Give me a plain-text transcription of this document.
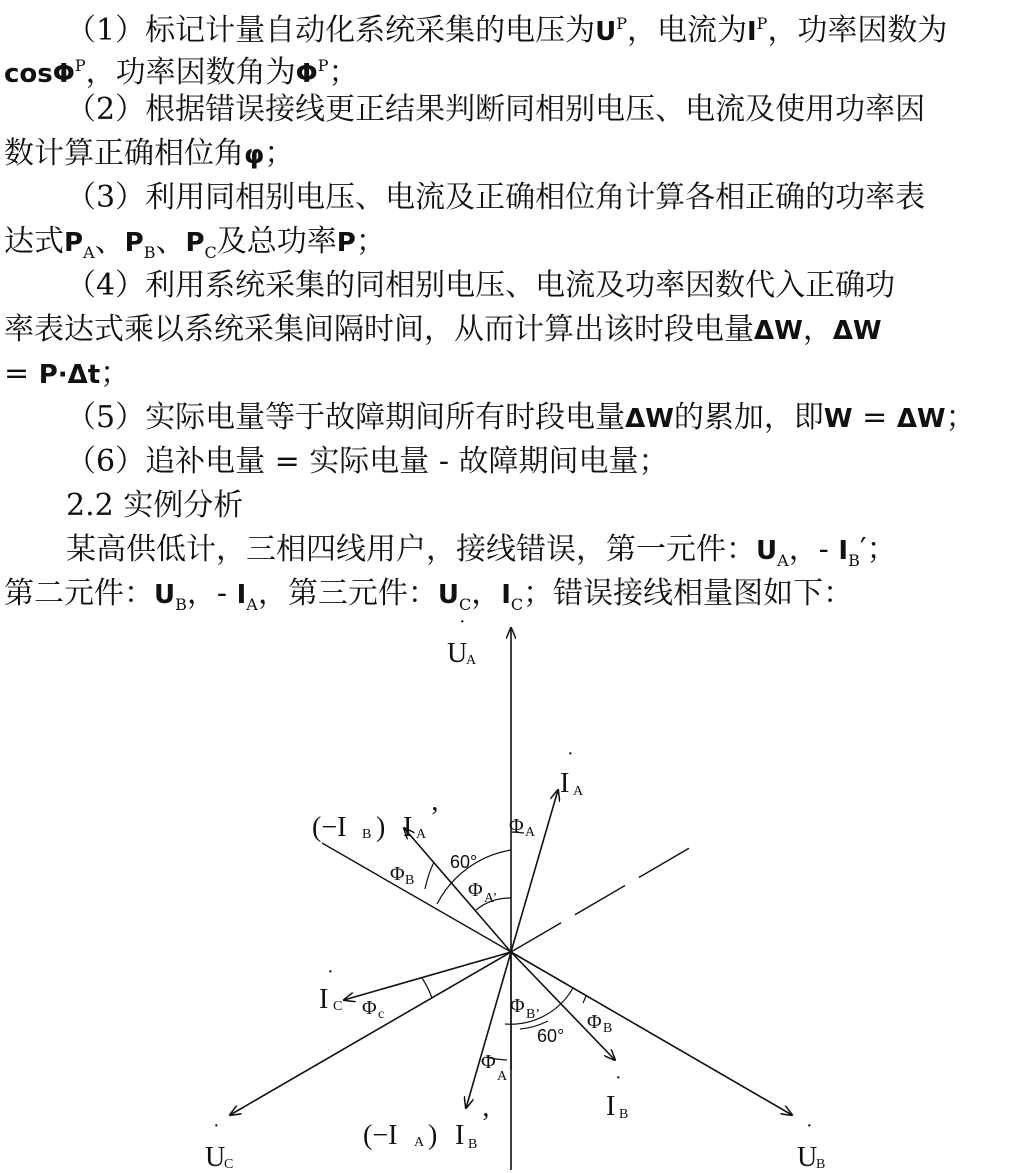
（1）标记计量自动化系统采集的电压为$U^P$，电流为$I^P$，功率因数为
cosΦ$^P$，功率因数角为$\Phi^P$；
（2）根据错误接线更正结果判断同相别电压、电流及使用功率因
数计算正确相位角φ；
（3）利用同相别电压、电流及正确相位角计算各相正确的功率表
达式$P_A$、$P_B$、$P_C$及总功率P；
（4）利用系统采集的同相别电压、电流及功率因数代入正确功
率表达式乘以系统采集间隔时间，从而计算出该时段电量ΔW，ΔW
= P·Δt；
（5）实际电量等于故障期间所有时段电量ΔW的累加，即W = ΔW；
（6）追补电量 = 实际电量 - 故障期间电量；
2.2 实例分析
某高供低计，三相四线用户，接线错误，第一元件：$U_A$，- $I_B'$；
第二元件：$U_B$，- $I_A$，第三元件：$U_C$，$I_C$；错误接线相量图如下：
·
U
A
·
I A
(−I B ) I A
’	Φ A
60°
Φ B	Φ A’
·
I C Φ c	Φ B’
60°
Φ B
Φ
A	·
I B
(−I A ) I B
’
·
U
C
·
U
B
